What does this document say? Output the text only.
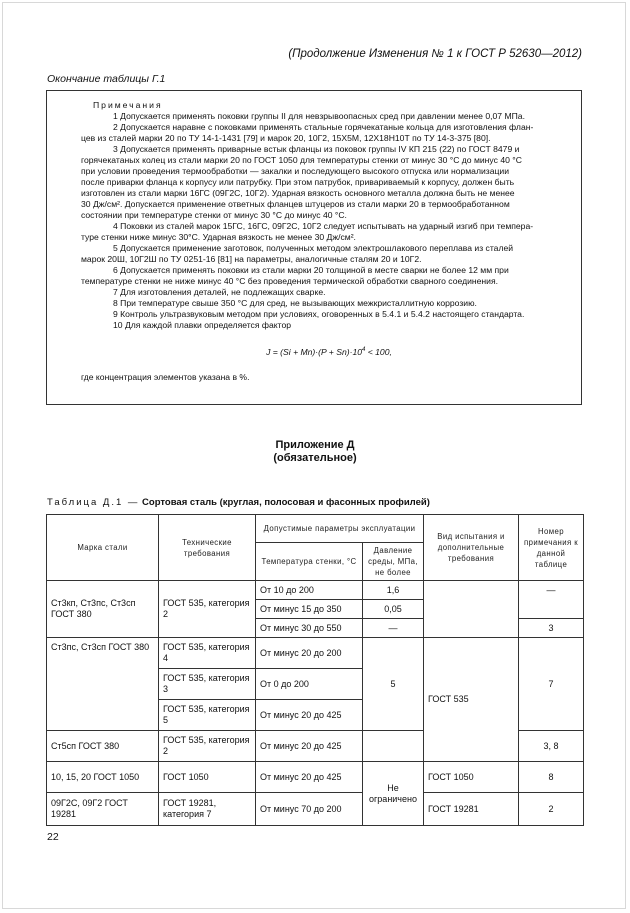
(Продолжение Изменения № 1 к ГОСТ Р 52630—2012)
Окончание таблицы Г.1
Примечания

1 Допускается применять поковки группы II для невзрывоопасных сред при давлении менее 0,07 МПа.

2 Допускается наравне с поковками применять стальные горячекатаные кольца для изготовления флан-

цев из сталей марки 20 по ТУ 14-1-1431 [79] и марок 20, 10Г2, 15Х5М, 12Х18Н10Т по ТУ 14-3-375 [80].

3 Допускается применять приварные встык фланцы из поковок группы IV КП 215 (22) по ГОСТ 8479 и

горячекатаных колец из стали марки 20 по ГОСТ 1050 для температуры стенки от минус 30 °С до минус 40 °С

при условии проведения термообработки — закалки и последующего высокого отпуска или нормализации

после приварки фланца к корпусу или патрубку. При этом патрубок, привариваемый к корпусу, должен быть

изготовлен из стали марки 16ГС (09Г2С, 10Г2). Ударная вязкость основного металла должна быть не менее

30 Дж/см². Допускается применение ответных фланцев штуцеров из стали марки 20 в термообработанном

состоянии при температуре стенки от минус 30 °С до минус 40 °С.

4 Поковки из сталей марок 15ГС, 16ГС, 09Г2С, 10Г2 следует испытывать на ударный изгиб при темпера-

туре стенки ниже минус 30°С. Ударная вязкость не менее 30 Дж/см².

5 Допускается применение заготовок, полученных методом электрошлакового переплава из сталей

марок 20Ш, 10Г2Ш по ТУ 0251-16 [81] на параметры, аналогичные сталям 20 и 10Г2.

6 Допускается применять поковки из стали марки 20 толщиной в месте сварки не более 12 мм при

температуре стенки не ниже минус 40 °С без проведения термической обработки сварного соединения.

7 Для изготовления деталей, не подлежащих сварке.

8 При температуре свыше 350 °С для сред, не вызывающих межкристаллитную коррозию.

9 Контроль ультразвуковым методом при условиях, оговоренных в 5.4.1 и 5.4.2 настоящего стандарта.

10 Для каждой плавки определяется фактор

$J = (Si + Mn)\cdot(P + Sn)\cdot 10^4 < 100$,
где концентрация элементов указана в %.
Приложение Д
(обязательное)
Таблица Д.1 — Сортовая сталь (круглая, полосовая и фасонных профилей)
Марка стали	Технические требования	Допустимые параметры эксплуатации		Вид испытания и дополнительные требования	Номер примечания к данной таблице
		Температура стенки, °С	Давление среды, МПа, не более		
Ст3кп, Ст3пс, Ст3сп ГОСТ 380	ГОСТ 535, категория 2	От 10 до 200	1,6		—
		От минус 15 до 350	0,05		
		От минус 30 до 550	—		3
Ст3пс, Ст3сп ГОСТ 380	ГОСТ 535, категория 4	От минус 20 до 200	5	ГОСТ 535	7
	ГОСТ 535, категория 3	От 0 до 200			
	ГОСТ 535, категория 5	От минус 20 до 425			
Ст5сп ГОСТ 380	ГОСТ 535, категория 2	От минус 20 до 425			3, 8
10, 15, 20 ГОСТ 1050	ГОСТ 1050	От минус 20 до 425	Не ограничено	ГОСТ 1050	8
09Г2С, 09Г2 ГОСТ 19281	ГОСТ 19281, категория 7	От минус 70 до 200		ГОСТ 19281	2
22
